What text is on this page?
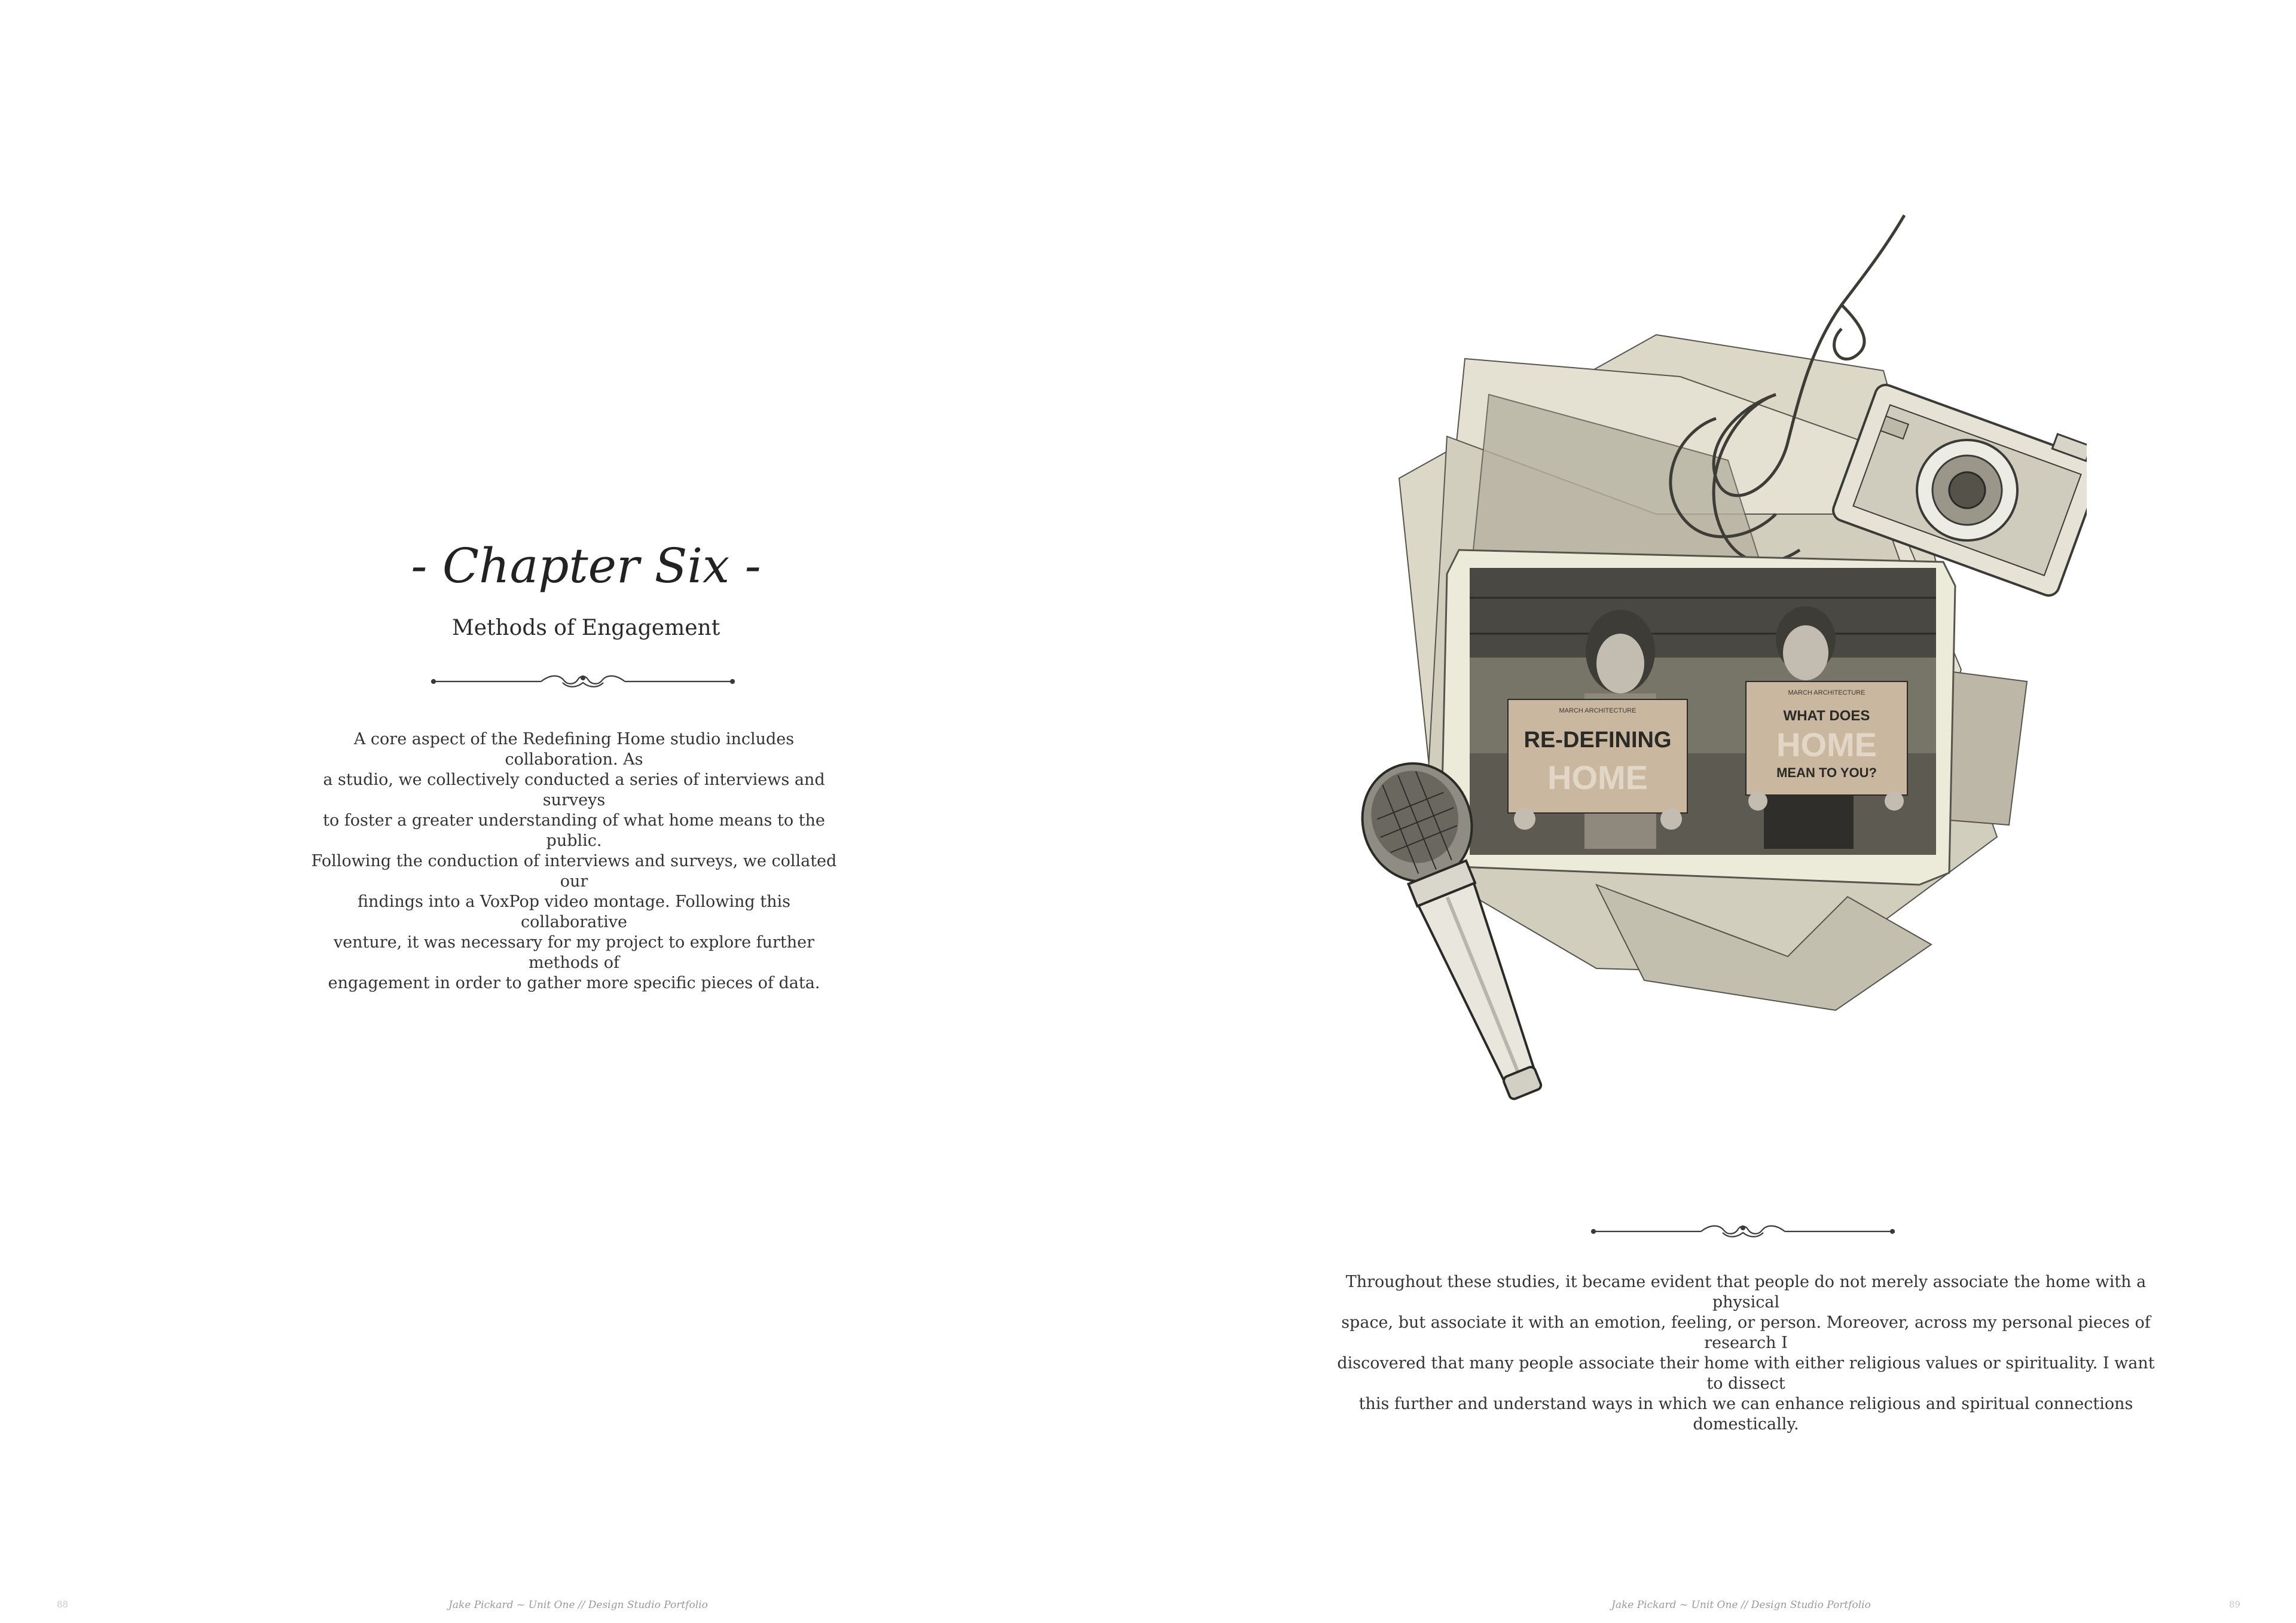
- Chapter Six -
Methods of Engagement
A core aspect of the Redefining Home studio includes collaboration. As
a studio, we collectively conducted a series of interviews and surveys
to foster a greater understanding of what home means to the public.
Following the conduction of interviews and surveys, we collated our
findings into a VoxPop video montage. Following this collaborative
venture, it was necessary for my project to explore further methods of
engagement in order to gather more specific pieces of data.
88	Jake Pickard ~ Unit One // Design Studio Portfolio
MARCH ARCHITECTURE
RE-DEFINING
HOME
MARCH ARCHITECTURE
WHAT DOES
HOME
MEAN TO YOU?
Throughout these studies, it became evident that people do not merely associate the home with a physical
space, but associate it with an emotion, feeling, or person. Moreover, across my personal pieces of research I
discovered that many people associate their home with either religious values or spirituality. I want to dissect
this further and understand ways in which we can enhance religious and spiritual connections domestically.
Jake Pickard ~ Unit One // Design Studio Portfolio	89
